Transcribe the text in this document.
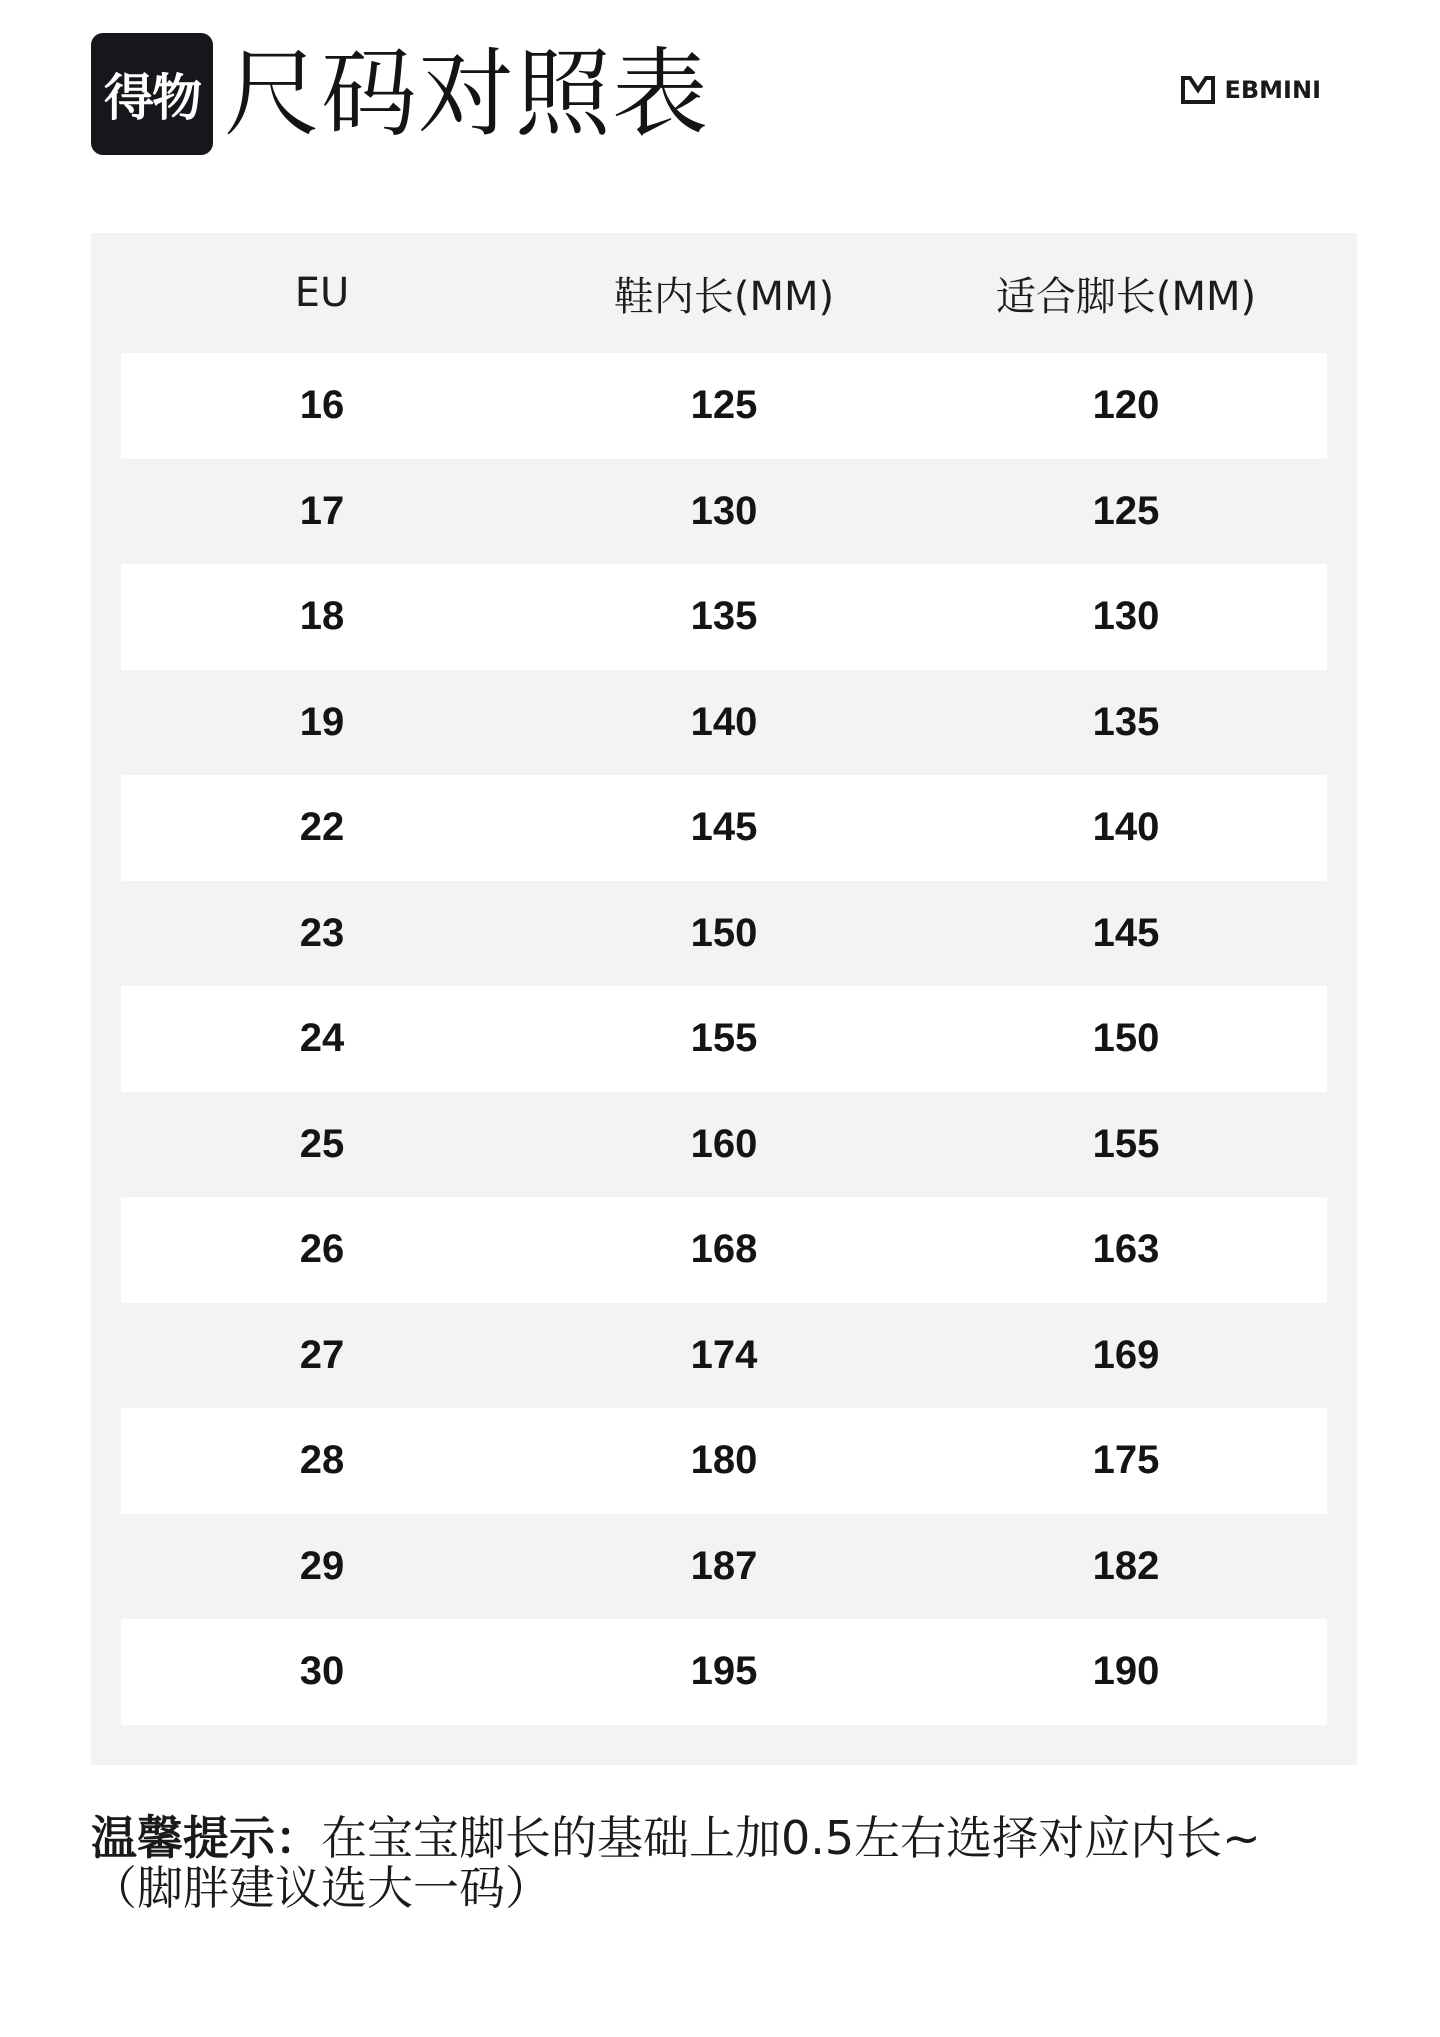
得物 尺码对照表	EBMINI
EU	鞋内长(MM)	适合脚长(MM)
16	125	120
17	130	125
18	135	130
19	140	135
22	145	140
23	150	145
24	155	150
25	160	155
26	168	163
27	174	169
28	180	175
29	187	182
30	195	190
温馨提示：在宝宝脚长的基础上加0.5左右选择对应内长~
（脚胖建议选大一码）
